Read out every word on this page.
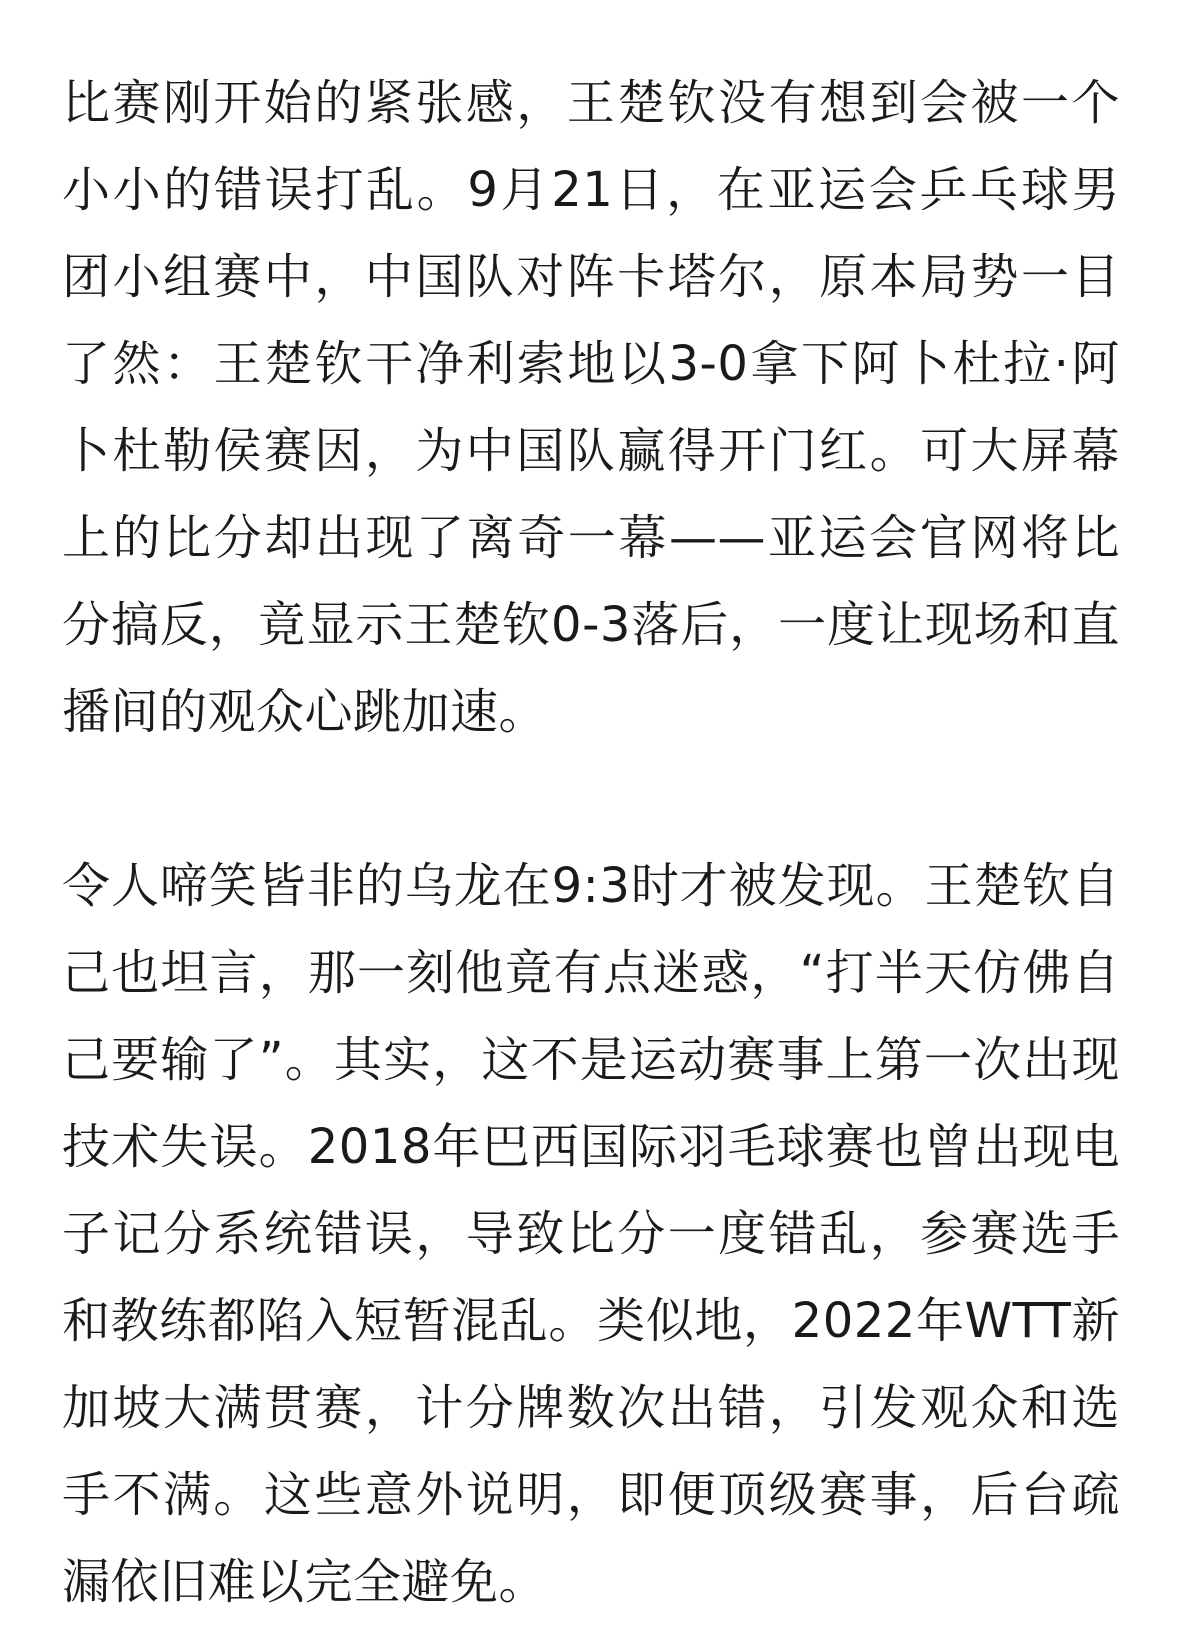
比赛刚开始的紧张感，王楚钦没有想到会被一个小小的错误打乱。9月21日，在亚运会乒乓球男团小组赛中，中国队对阵卡塔尔，原本局势一目了然：王楚钦干净利索地以3-0拿下阿卜杜拉·阿卜杜勒侯赛因，为中国队赢得开门红。可大屏幕上的比分却出现了离奇一幕——亚运会官网将比分搞反，竟显示王楚钦0-3落后，一度让现场和直播间的观众心跳加速。

令人啼笑皆非的乌龙在9:3时才被发现。王楚钦自己也坦言，那一刻他竟有点迷惑，“打半天仿佛自己要输了”。其实，这不是运动赛事上第一次出现技术失误。2018年巴西国际羽毛球赛也曾出现电子记分系统错误，导致比分一度错乱，参赛选手和教练都陷入短暂混乱。类似地，2022年WTT新加坡大满贯赛，计分牌数次出错，引发观众和选手不满。这些意外说明，即便顶级赛事，后台疏漏依旧难以完全避免。
